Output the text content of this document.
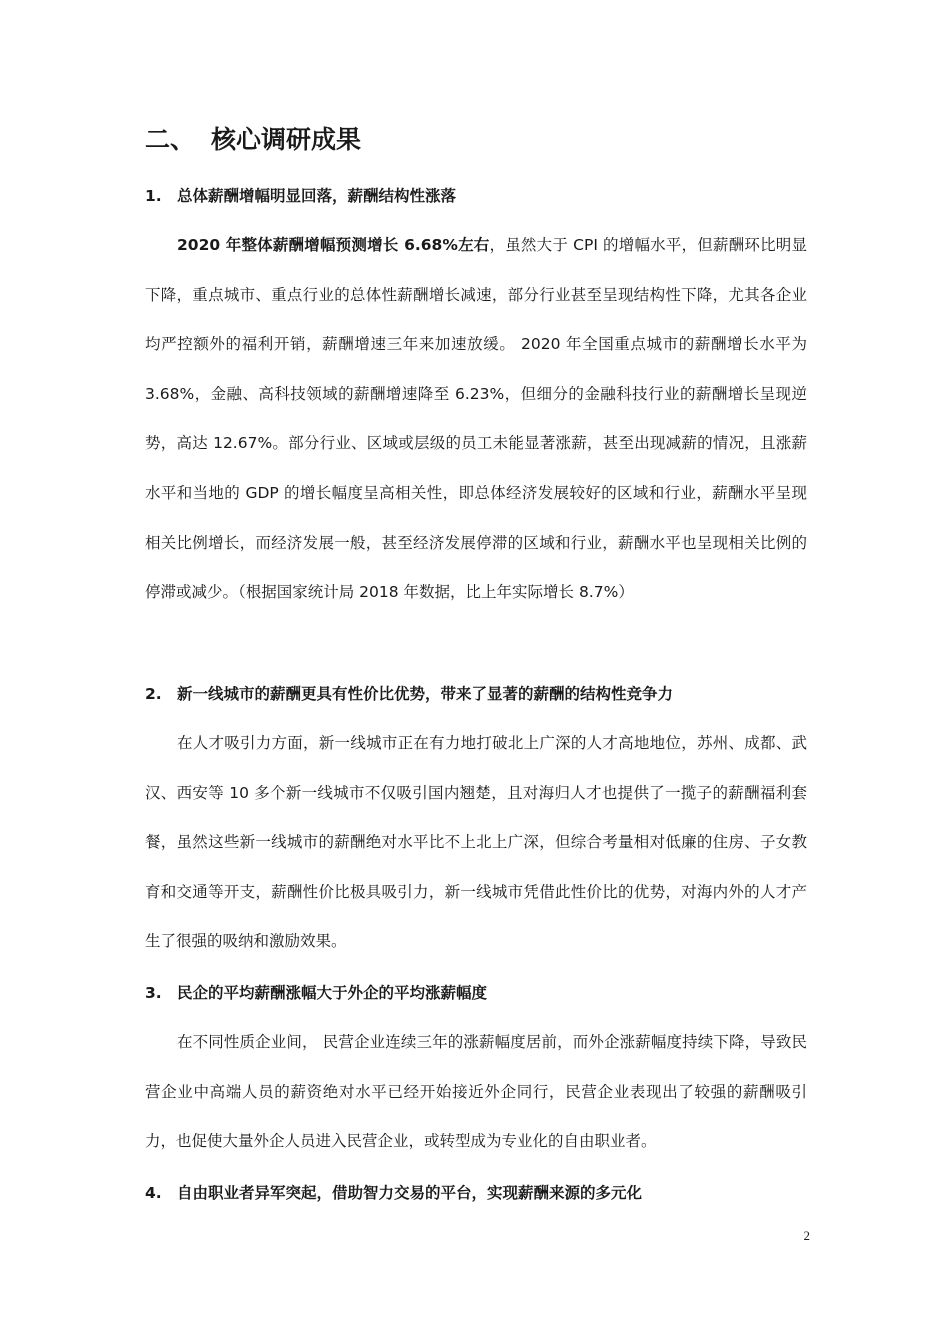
二、 核心调研成果
1. 总体薪酬增幅明显回落，薪酬结构性涨落

2020 年整体薪酬增幅预测增长 6.68%左右，虽然大于 CPI 的增幅水平，但薪酬环比明显下降，重点城市、重点行业的总体性薪酬增长减速，部分行业甚至呈现结构性下降，尤其各企业均严控额外的福利开销，薪酬增速三年来加速放缓。 2020 年全国重点城市的薪酬增长水平为 3.68%，金融、高科技领域的薪酬增速降至 6.23%，但细分的金融科技行业的薪酬增长呈现逆势，高达 12.67%。部分行业、区域或层级的员工未能显著涨薪，甚至出现减薪的情况，且涨薪水平和当地的 GDP 的增长幅度呈高相关性，即总体经济发展较好的区域和行业，薪酬水平呈现相关比例增长，而经济发展一般，甚至经济发展停滞的区域和行业，薪酬水平也呈现相关比例的停滞或减少。（根据国家统计局 2018 年数据，比上年实际增长 8.7%）

2. 新一线城市的薪酬更具有性价比优势，带来了显著的薪酬的结构性竞争力

在人才吸引力方面，新一线城市正在有力地打破北上广深的人才高地地位，苏州、成都、武汉、西安等 10 多个新一线城市不仅吸引国内翘楚，且对海归人才也提供了一揽子的薪酬福利套餐，虽然这些新一线城市的薪酬绝对水平比不上北上广深，但综合考量相对低廉的住房、子女教育和交通等开支，薪酬性价比极具吸引力，新一线城市凭借此性价比的优势，对海内外的人才产生了很强的吸纳和激励效果。

3. 民企的平均薪酬涨幅大于外企的平均涨薪幅度

在不同性质企业间， 民营企业连续三年的涨薪幅度居前，而外企涨薪幅度持续下降，导致民营企业中高端人员的薪资绝对水平已经开始接近外企同行，民营企业表现出了较强的薪酬吸引力，也促使大量外企人员进入民营企业，或转型成为专业化的自由职业者。

4. 自由职业者异军突起，借助智力交易的平台，实现薪酬来源的多元化
2
